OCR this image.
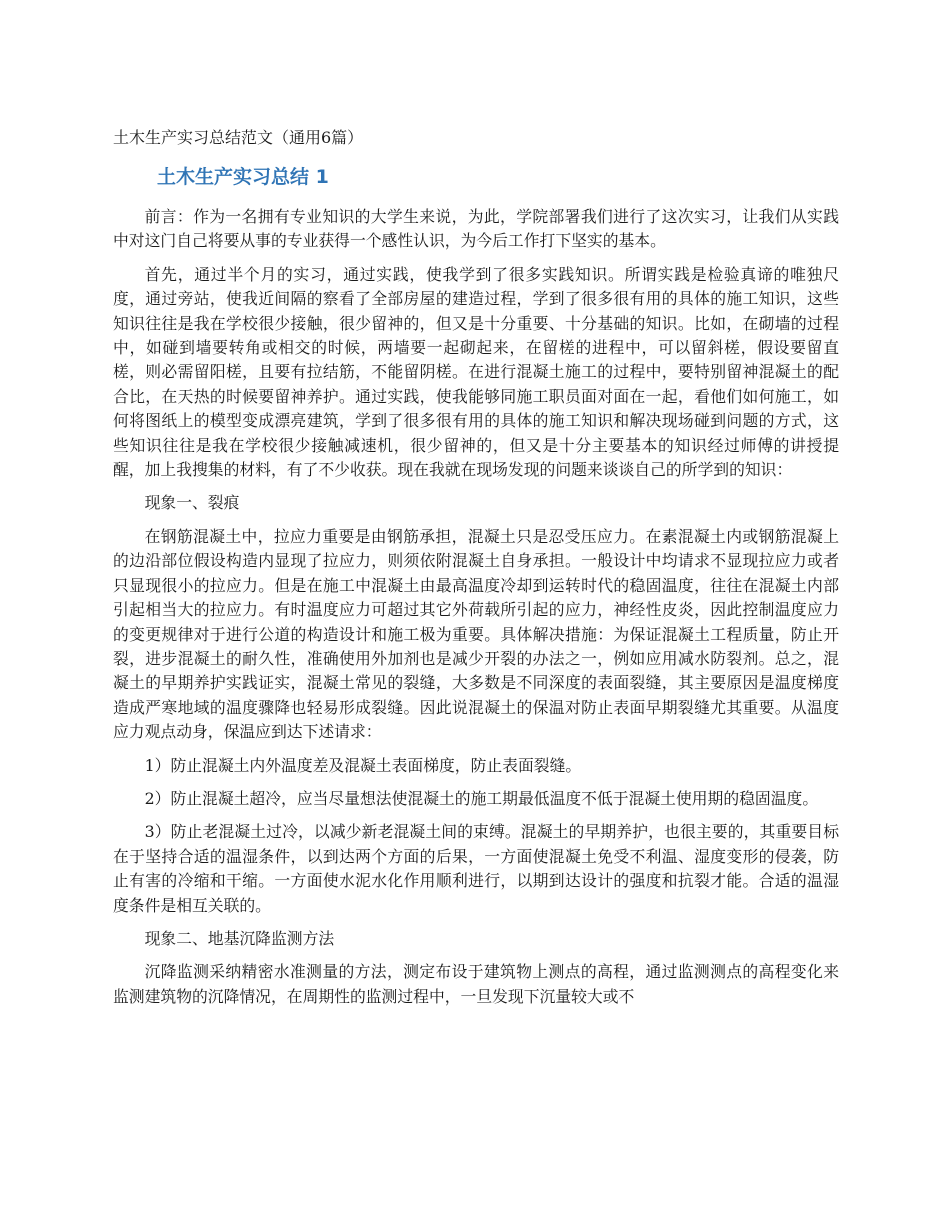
土木生产实习总结范文（通用6篇）

土木生产实习总结 1

前言：作为一名拥有专业知识的大学生来说，为此，学院部署我们进行了这次实习，让我们从实践中对这门自己将要从事的专业获得一个感性认识，为今后工作打下坚实的基本。

首先，通过半个月的实习，通过实践，使我学到了很多实践知识。所谓实践是检验真谛的唯独尺度，通过旁站，使我近间隔的察看了全部房屋的建造过程，学到了很多很有用的具体的施工知识，这些知识往往是我在学校很少接触，很少留神的，但又是十分重要、十分基础的知识。比如，在砌墙的过程中，如碰到墙要转角或相交的时候，两墙要一起砌起来，在留槎的进程中，可以留斜槎，假设要留直槎，则必需留阳槎，且要有拉结筋，不能留阴槎。在进行混凝土施工的过程中，要特别留神混凝土的配合比，在天热的时候要留神养护。通过实践，使我能够同施工职员面对面在一起，看他们如何施工，如何将图纸上的模型变成漂亮建筑，学到了很多很有用的具体的施工知识和解决现场碰到问题的方式，这些知识往往是我在学校很少接触减速机，很少留神的，但又是十分主要基本的知识经过师傅的讲授提醒，加上我搜集的材料，有了不少收获。现在我就在现场发现的问题来谈谈自己的所学到的知识：

现象一、裂痕

在钢筋混凝土中，拉应力重要是由钢筋承担，混凝土只是忍受压应力。在素混凝土内或钢筋混凝上的边沿部位假设构造内显现了拉应力，则须依附混凝土自身承担。一般设计中均请求不显现拉应力或者只显现很小的拉应力。但是在施工中混凝土由最高温度冷却到运转时代的稳固温度，往往在混凝土内部引起相当大的拉应力。有时温度应力可超过其它外荷载所引起的应力，神经性皮炎，因此控制温度应力的变更规律对于进行公道的构造设计和施工极为重要。具体解决措施：为保证混凝土工程质量，防止开裂，进步混凝土的耐久性，准确使用外加剂也是减少开裂的办法之一，例如应用减水防裂剂。总之，混凝土的早期养护实践证实，混凝土常见的裂缝，大多数是不同深度的表面裂缝，其主要原因是温度梯度造成严寒地域的温度骤降也轻易形成裂缝。因此说混凝土的保温对防止表面早期裂缝尤其重要。从温度应力观点动身，保温应到达下述请求：

1）防止混凝土内外温度差及混凝土表面梯度，防止表面裂缝。

2）防止混凝土超冷，应当尽量想法使混凝土的施工期最低温度不低于混凝土使用期的稳固温度。

3）防止老混凝土过冷，以减少新老混凝土间的束缚。混凝土的早期养护，也很主要的，其重要目标在于坚持合适的温湿条件，以到达两个方面的后果，一方面使混凝土免受不利温、湿度变形的侵袭，防止有害的冷缩和干缩。一方面使水泥水化作用顺利进行，以期到达设计的强度和抗裂才能。合适的温湿度条件是相互关联的。

现象二、地基沉降监测方法

沉降监测采纳精密水准测量的方法，测定布设于建筑物上测点的高程，通过监测测点的高程变化来监测建筑物的沉降情况，在周期性的监测过程中，一旦发现下沉量较大或不
